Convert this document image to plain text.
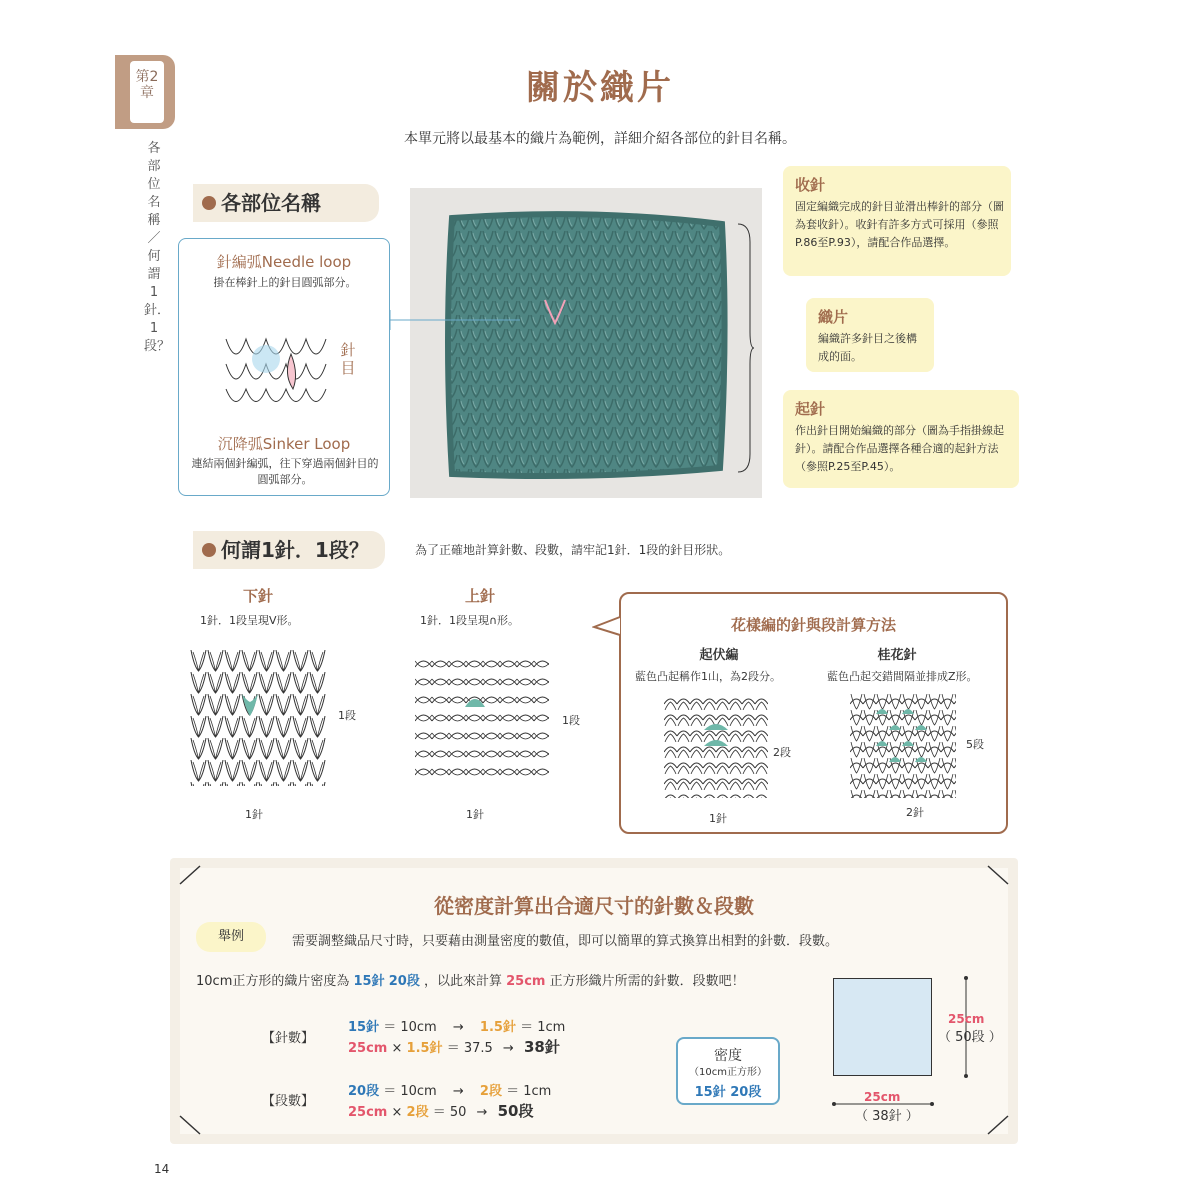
第2章
各部位名稱／何謂1針．1段？
關於織片
本單元將以最基本的織片為範例，詳細介紹各部位的針目名稱。
各部位名稱
針編弧Needle loop
掛在棒針上的針目圓弧部分。
針目
沉降弧Sinker Loop
連結兩個針編弧，往下穿過兩個針目的圓弧部分。
收針
固定編織完成的針目並滑出棒針的部分（圖為套收針）。收針有許多方式可採用（參照P.86至P.93），請配合作品選擇。
織片
編織許多針目之後構成的面。
起針
作出針目開始編織的部分（圖為手指掛線起針）。請配合作品選擇各種合適的起針方法（參照P.25至P.45）。
何謂1針．1段？	為了正確地計算針數、段數，請牢記1針．1段的針目形狀。
下針
1針．1段呈現V形。
1段
1針
上針
1針．1段呈現∩形。
1段
1針
花樣編的針與段計算方法
起伏編
藍色凸起稱作1山，為2段分。
桂花針
藍色凸起交錯間隔並排成Z形。
2段
1針
5段
2針
從密度計算出合適尺寸的針數＆段數
舉例	需要調整織品尺寸時，只要藉由測量密度的數值，即可以簡單的算式換算出相對的針數．段數。
10cm正方形的織片密度為 15針 20段 ，以此來計算 25cm 正方形織片所需的針數．段數吧！
【針數】
15針 ＝ 10cm → 1.5針 ＝ 1cm
25cm × 1.5針 ＝ 37.5 → 38針
【段數】
20段 ＝ 10cm → 2段 ＝ 1cm
25cm × 2段 ＝ 50 → 50段
密度
（10cm正方形）
15針 20段
25cm
（ 50段 ）
25cm
（ 38針 ）
14
